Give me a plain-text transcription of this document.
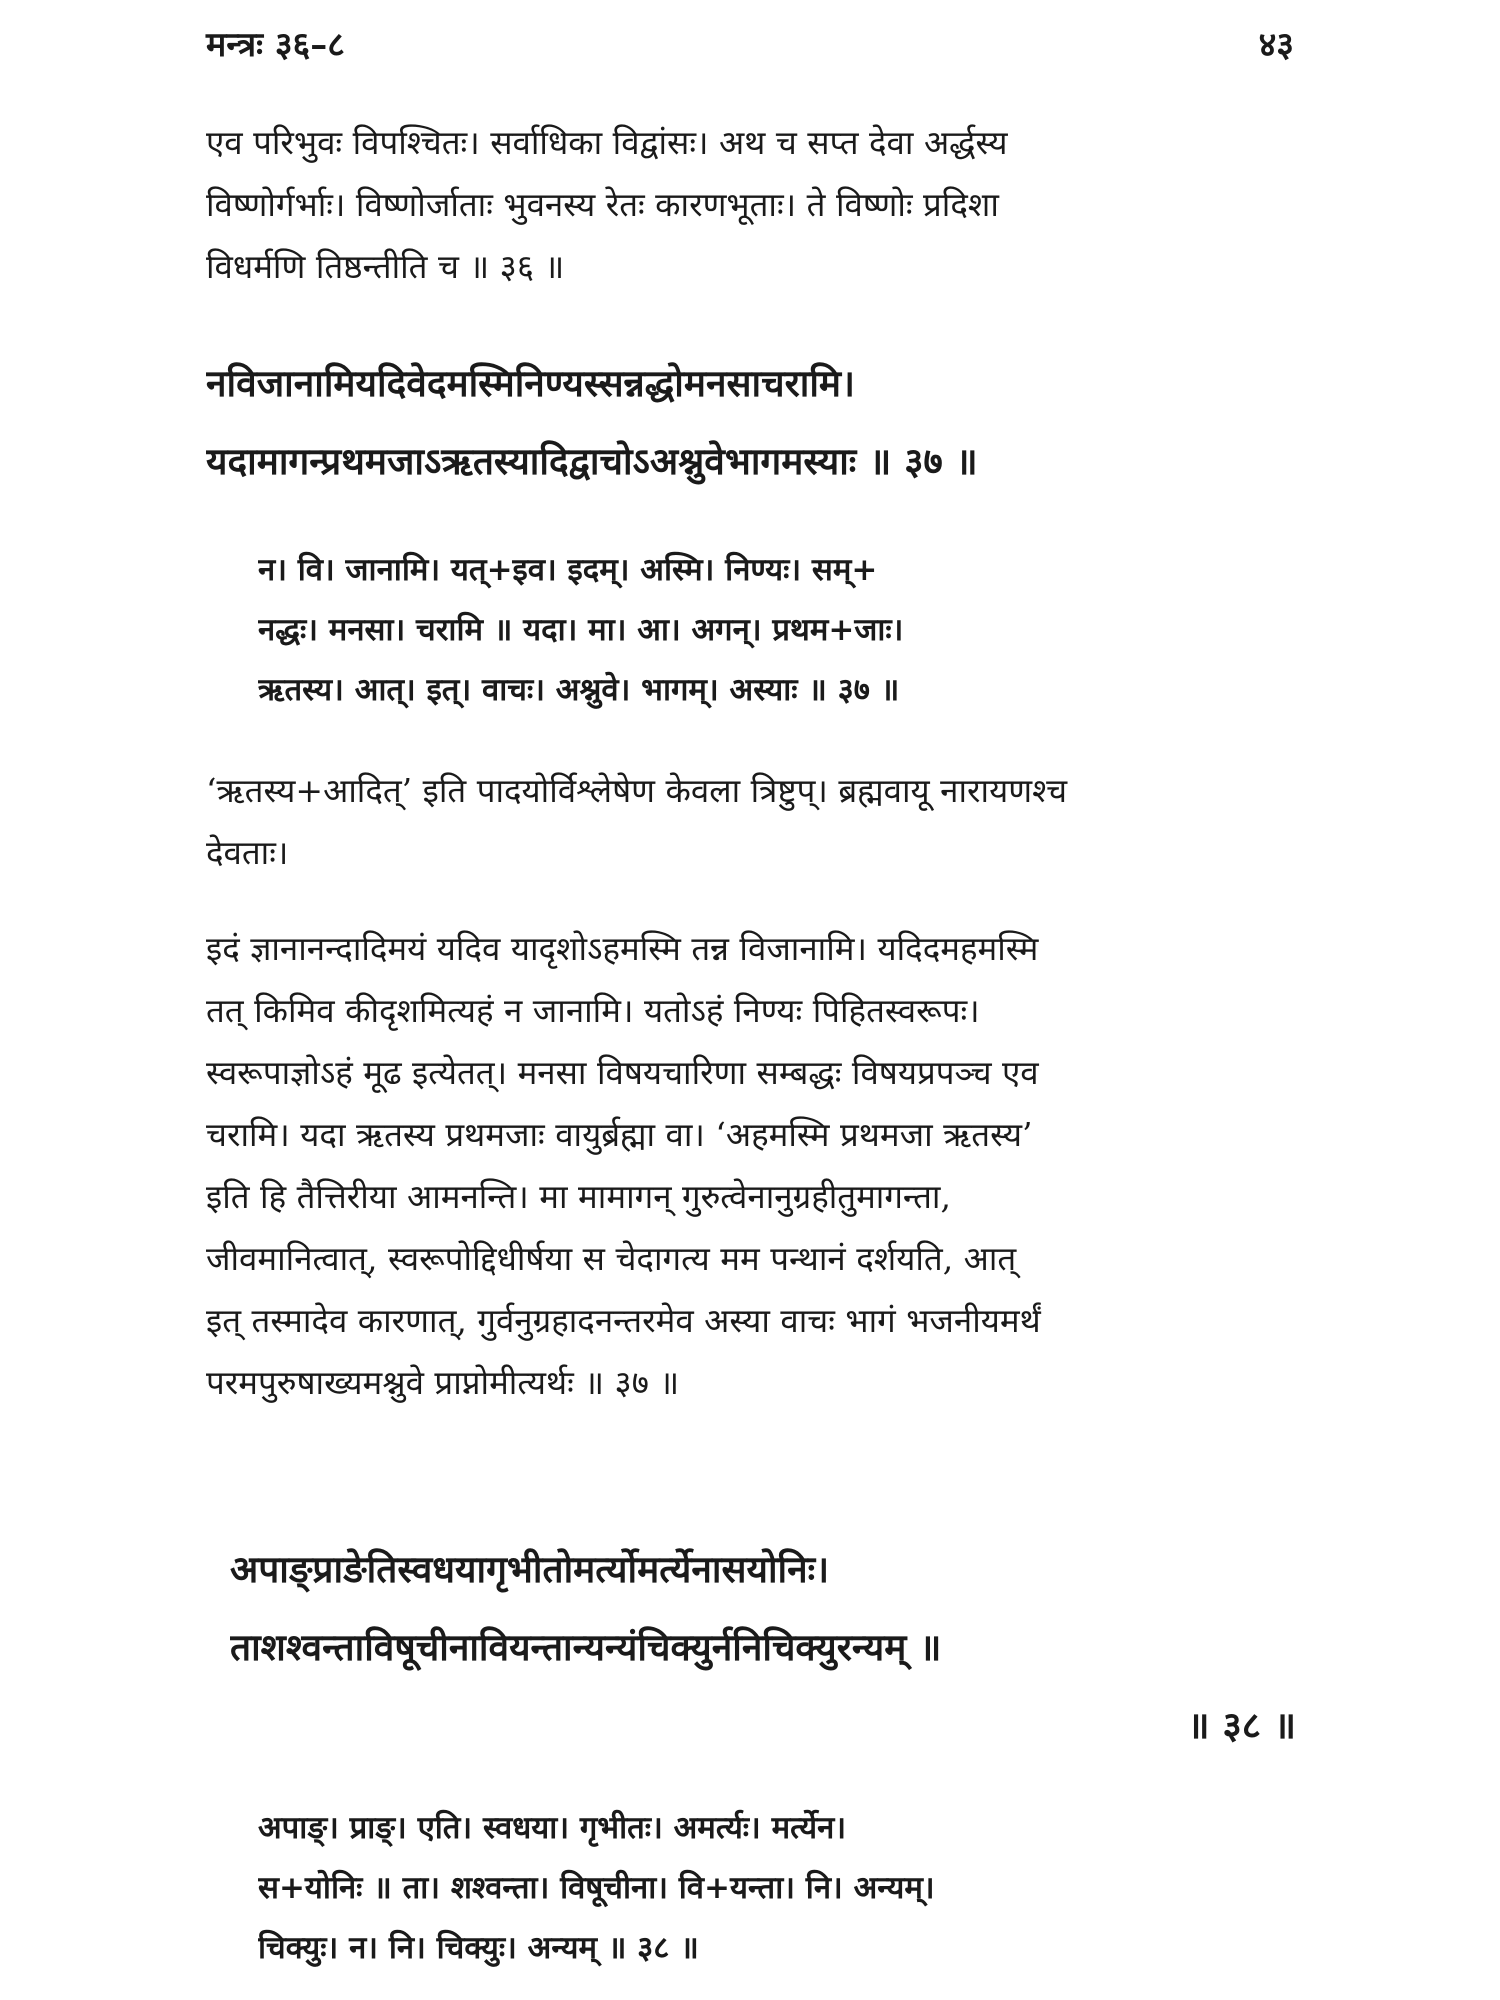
मन्त्रः ३६–८	४३
एव परिभुवः विपश्चितः। सर्वाधिका विद्वांसः। अथ च सप्त देवा अर्द्धस्य
विष्णोर्गर्भाः। विष्णोर्जाताः भुवनस्य रेतः कारणभूताः। ते विष्णोः प्रदिशा
विधर्मणि तिष्ठन्तीति च ॥ ३६ ॥
नविजानामियदिवेदमस्मिनिण्यस्सन्नद्धोमनसाचरामि।
यदामागन्प्रथमजाऽऋतस्यादिद्वाचोऽअश्नुवेभागमस्याः ॥ ३७ ॥
न। वि। जानामि। यत्+इव। इदम्। अस्मि। निण्यः। सम्+
नद्धः। मनसा। चरामि ॥ यदा। मा। आ। अगन्। प्रथम+जाः।
ऋतस्य। आत्। इत्। वाचः। अश्नुवे। भागम्। अस्याः ॥ ३७ ॥
‘ऋतस्य+आदित्’ इति पादयोर्विश्लेषेण केवला त्रिष्टुप्। ब्रह्मवायू नारायणश्च
देवताः।
इदं ज्ञानानन्दादिमयं यदिव यादृशोऽहमस्मि तन्न विजानामि। यदिदमहमस्मि
तत् किमिव कीदृशमित्यहं न जानामि। यतोऽहं निण्यः पिहितस्वरूपः।
स्वरूपाज्ञोऽहं मूढ इत्येतत्। मनसा विषयचारिणा सम्बद्धः विषयप्रपञ्च एव
चरामि। यदा ऋतस्य प्रथमजाः वायुर्ब्रह्मा वा। ‘अहमस्मि प्रथमजा ऋतस्य’
इति हि तैत्तिरीया आमनन्ति। मा मामागन् गुरुत्वेनानुग्रहीतुमागन्ता,
जीवमानित्वात्, स्वरूपोद्दिधीर्षया स चेदागत्य मम पन्थानं दर्शयति, आत्
इत् तस्मादेव कारणात्, गुर्वनुग्रहादनन्तरमेव अस्या वाचः भागं भजनीयमर्थं
परमपुरुषाख्यमश्नुवे प्राप्नोमीत्यर्थः ॥ ३७ ॥
अपाङ्प्राङेतिस्वधयागृभीतोमर्त्योमर्त्येनासयोनिः।
ताशश्वन्ताविषूचीनावियन्तान्यन्यंचिक्युर्ननिचिक्युरन्यम् ॥
॥ ३८ ॥
अपाङ्। प्राङ्। एति। स्वधया। गृभीतः। अमर्त्यः। मर्त्येन।
स+योनिः ॥ ता। शश्वन्ता। विषूचीना। वि+यन्ता। नि। अन्यम्।
चिक्युः। न। नि। चिक्युः। अन्यम् ॥ ३८ ॥
